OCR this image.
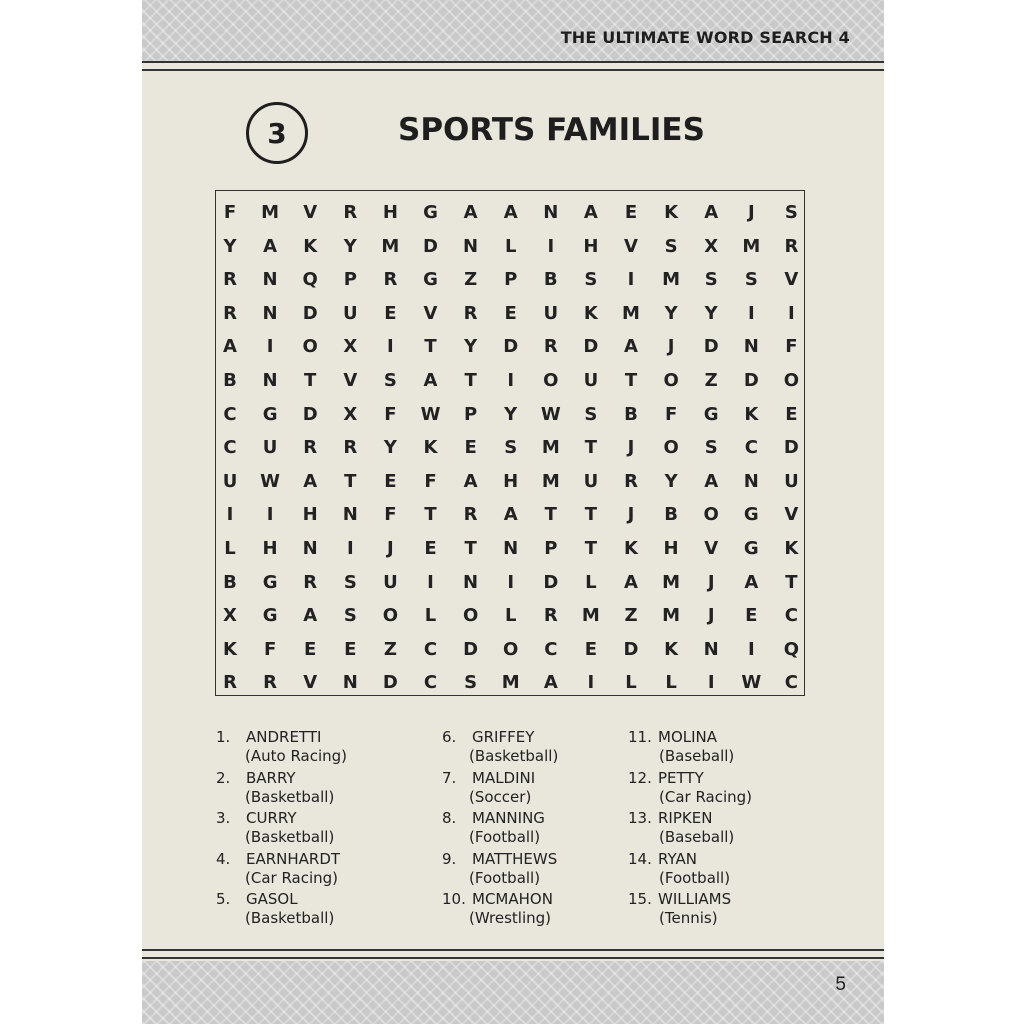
THE ULTIMATE WORD SEARCH 4
3	SPORTS FAMILIES
F	M	V	R	H	G	A	A	N	A	E	K	A	J	S
Y	A	K	Y	M	D	N	L	I	H	V	S	X	M	R
R	N	Q	P	R	G	Z	P	B	S	I	M	S	S	V
R	N	D	U	E	V	R	E	U	K	M	Y	Y	I	I
A	I	O	X	I	T	Y	D	R	D	A	J	D	N	F
B	N	T	V	S	A	T	I	O	U	T	O	Z	D	O
C	G	D	X	F	W	P	Y	W	S	B	F	G	K	E
C	U	R	R	Y	K	E	S	M	T	J	O	S	C	D
U	W	A	T	E	F	A	H	M	U	R	Y	A	N	U
I	I	H	N	F	T	R	A	T	T	J	B	O	G	V
L	H	N	I	J	E	T	N	P	T	K	H	V	G	K
B	G	R	S	U	I	N	I	D	L	A	M	J	A	T
X	G	A	S	O	L	O	L	R	M	Z	M	J	E	C
K	F	E	E	Z	C	D	O	C	E	D	K	N	I	Q
R	R	V	N	D	C	S	M	A	I	L	L	I	W	C
1. ANDRETTI
(Auto Racing)
2. BARRY
(Basketball)
3. CURRY
(Basketball)
4. EARNHARDT
(Car Racing)
5. GASOL
(Basketball)
6. GRIFFEY
(Basketball)
7. MALDINI
(Soccer)
8. MANNING
(Football)
9. MATTHEWS
(Football)
10. MCMAHON
(Wrestling)
11. MOLINA
(Baseball)
12. PETTY
(Car Racing)
13. RIPKEN
(Baseball)
14. RYAN
(Football)
15. WILLIAMS
(Tennis)
5
